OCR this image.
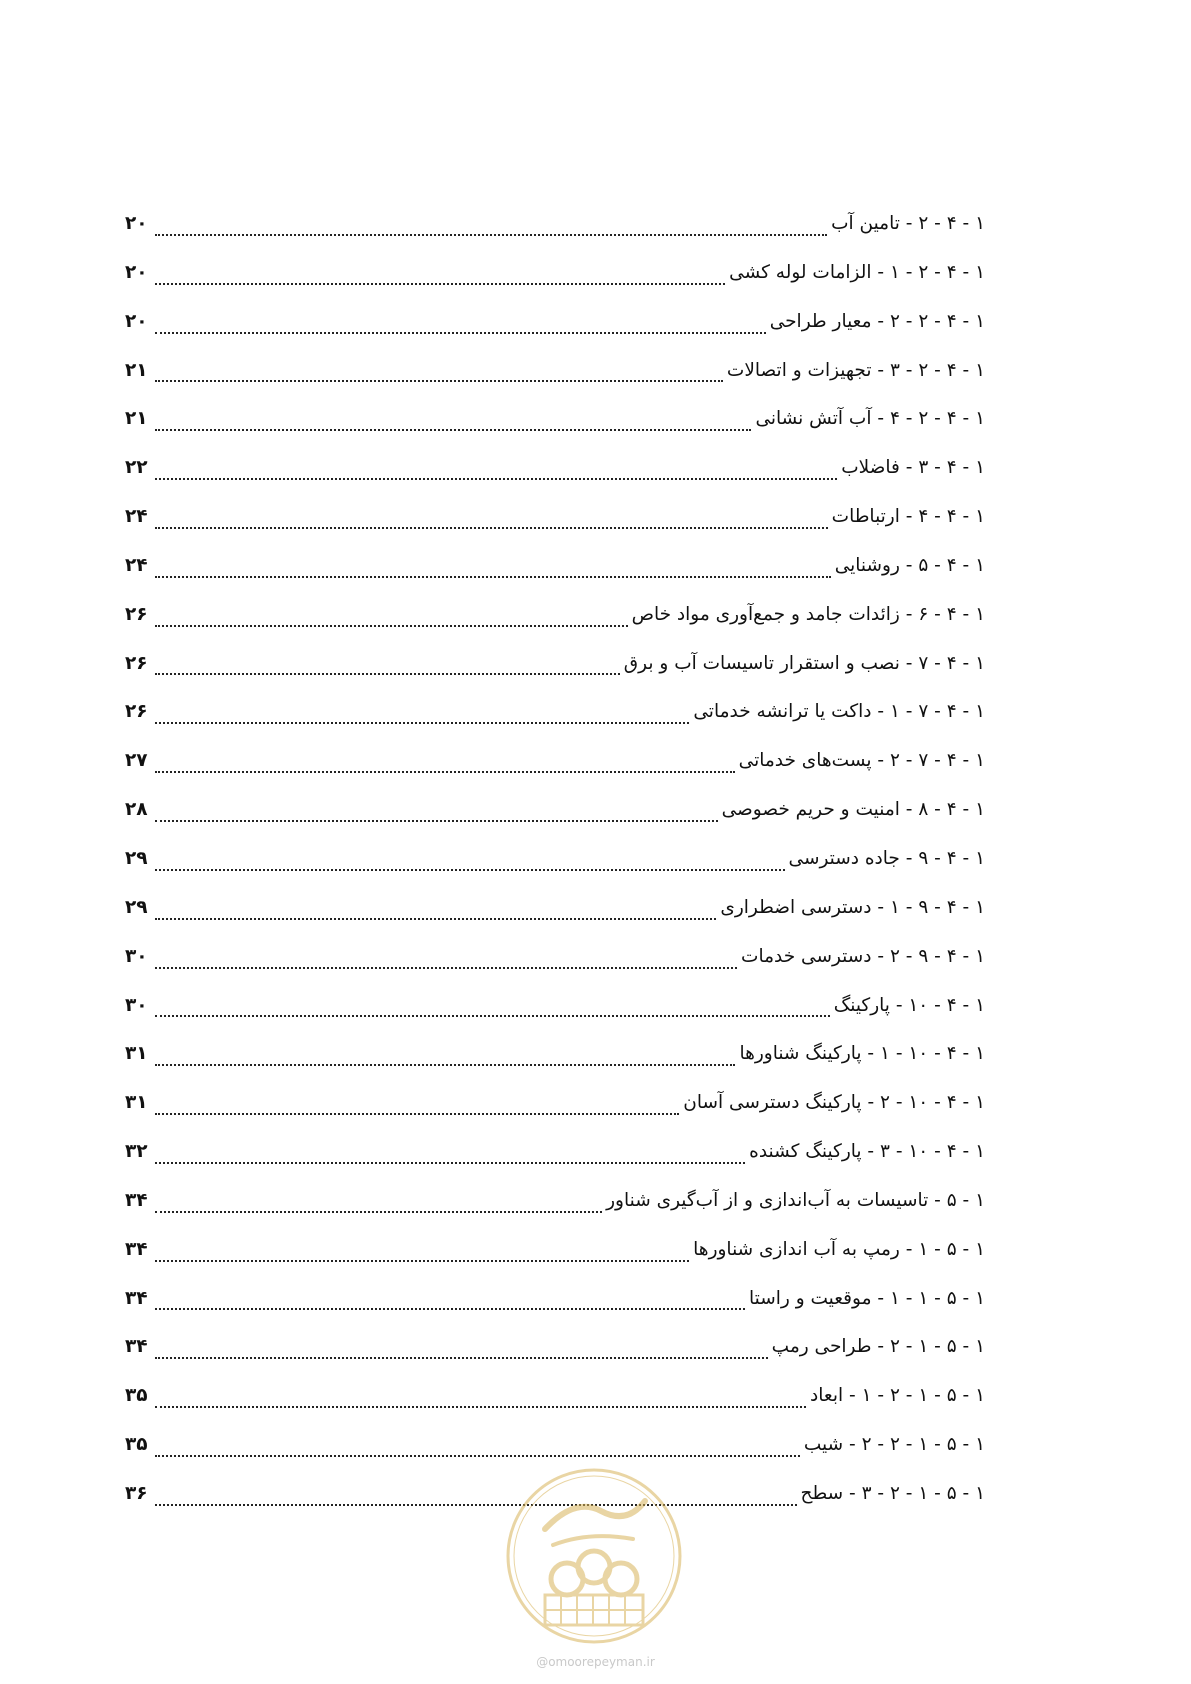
۱ - ۴ - ۲ - تامین آب
۲۰
۱ - ۴ - ۲ - ۱ - الزامات لوله کشی
۲۰
۱ - ۴ - ۲ - ۲ - معیار طراحی
۲۰
۱ - ۴ - ۲ - ۳ - تجهیزات و اتصالات
۲۱
۱ - ۴ - ۲ - ۴ - آب آتش نشانی
۲۱
۱ - ۴ - ۳ - فاضلاب
۲۲
۱ - ۴ - ۴ - ارتباطات
۲۴
۱ - ۴ - ۵ - روشنایی
۲۴
۱ - ۴ - ۶ - زائدات جامد و جمع‌آوری مواد خاص
۲۶
۱ - ۴ - ۷ - نصب و استقرار تاسیسات آب و برق
۲۶
۱ - ۴ - ۷ - ۱ - داکت یا ترانشه خدماتی
۲۶
۱ - ۴ - ۷ - ۲ - پست‌های خدماتی
۲۷
۱ - ۴ - ۸ - امنیت و حریم خصوصی
۲۸
۱ - ۴ - ۹ - جاده دسترسی
۲۹
۱ - ۴ - ۹ - ۱ - دسترسی اضطراری
۲۹
۱ - ۴ - ۹ - ۲ - دسترسی خدمات
۳۰
۱ - ۴ - ۱۰ - پارکینگ
۳۰
۱ - ۴ - ۱۰ - ۱ - پارکینگ شناورها
۳۱
۱ - ۴ - ۱۰ - ۲ - پارکینگ دسترسی آسان
۳۱
۱ - ۴ - ۱۰ - ۳ - پارکینگ کشنده
۳۲
۱ - ۵ - تاسیسات به آب‌اندازی و از آب‌گیری شناور
۳۴
۱ - ۵ - ۱ - رمپ به آب اندازی شناورها
۳۴
۱ - ۵ - ۱ - ۱ - موقعیت و راستا
۳۴
۱ - ۵ - ۱ - ۲ - طراحی رمپ
۳۴
۱ - ۵ - ۱ - ۲ - ۱ - ابعاد
۳۵
۱ - ۵ - ۱ - ۲ - ۲ - شیب
۳۵
۱ - ۵ - ۱ - ۲ - ۳ - سطح
۳۶
@omoorepeyman.ir
